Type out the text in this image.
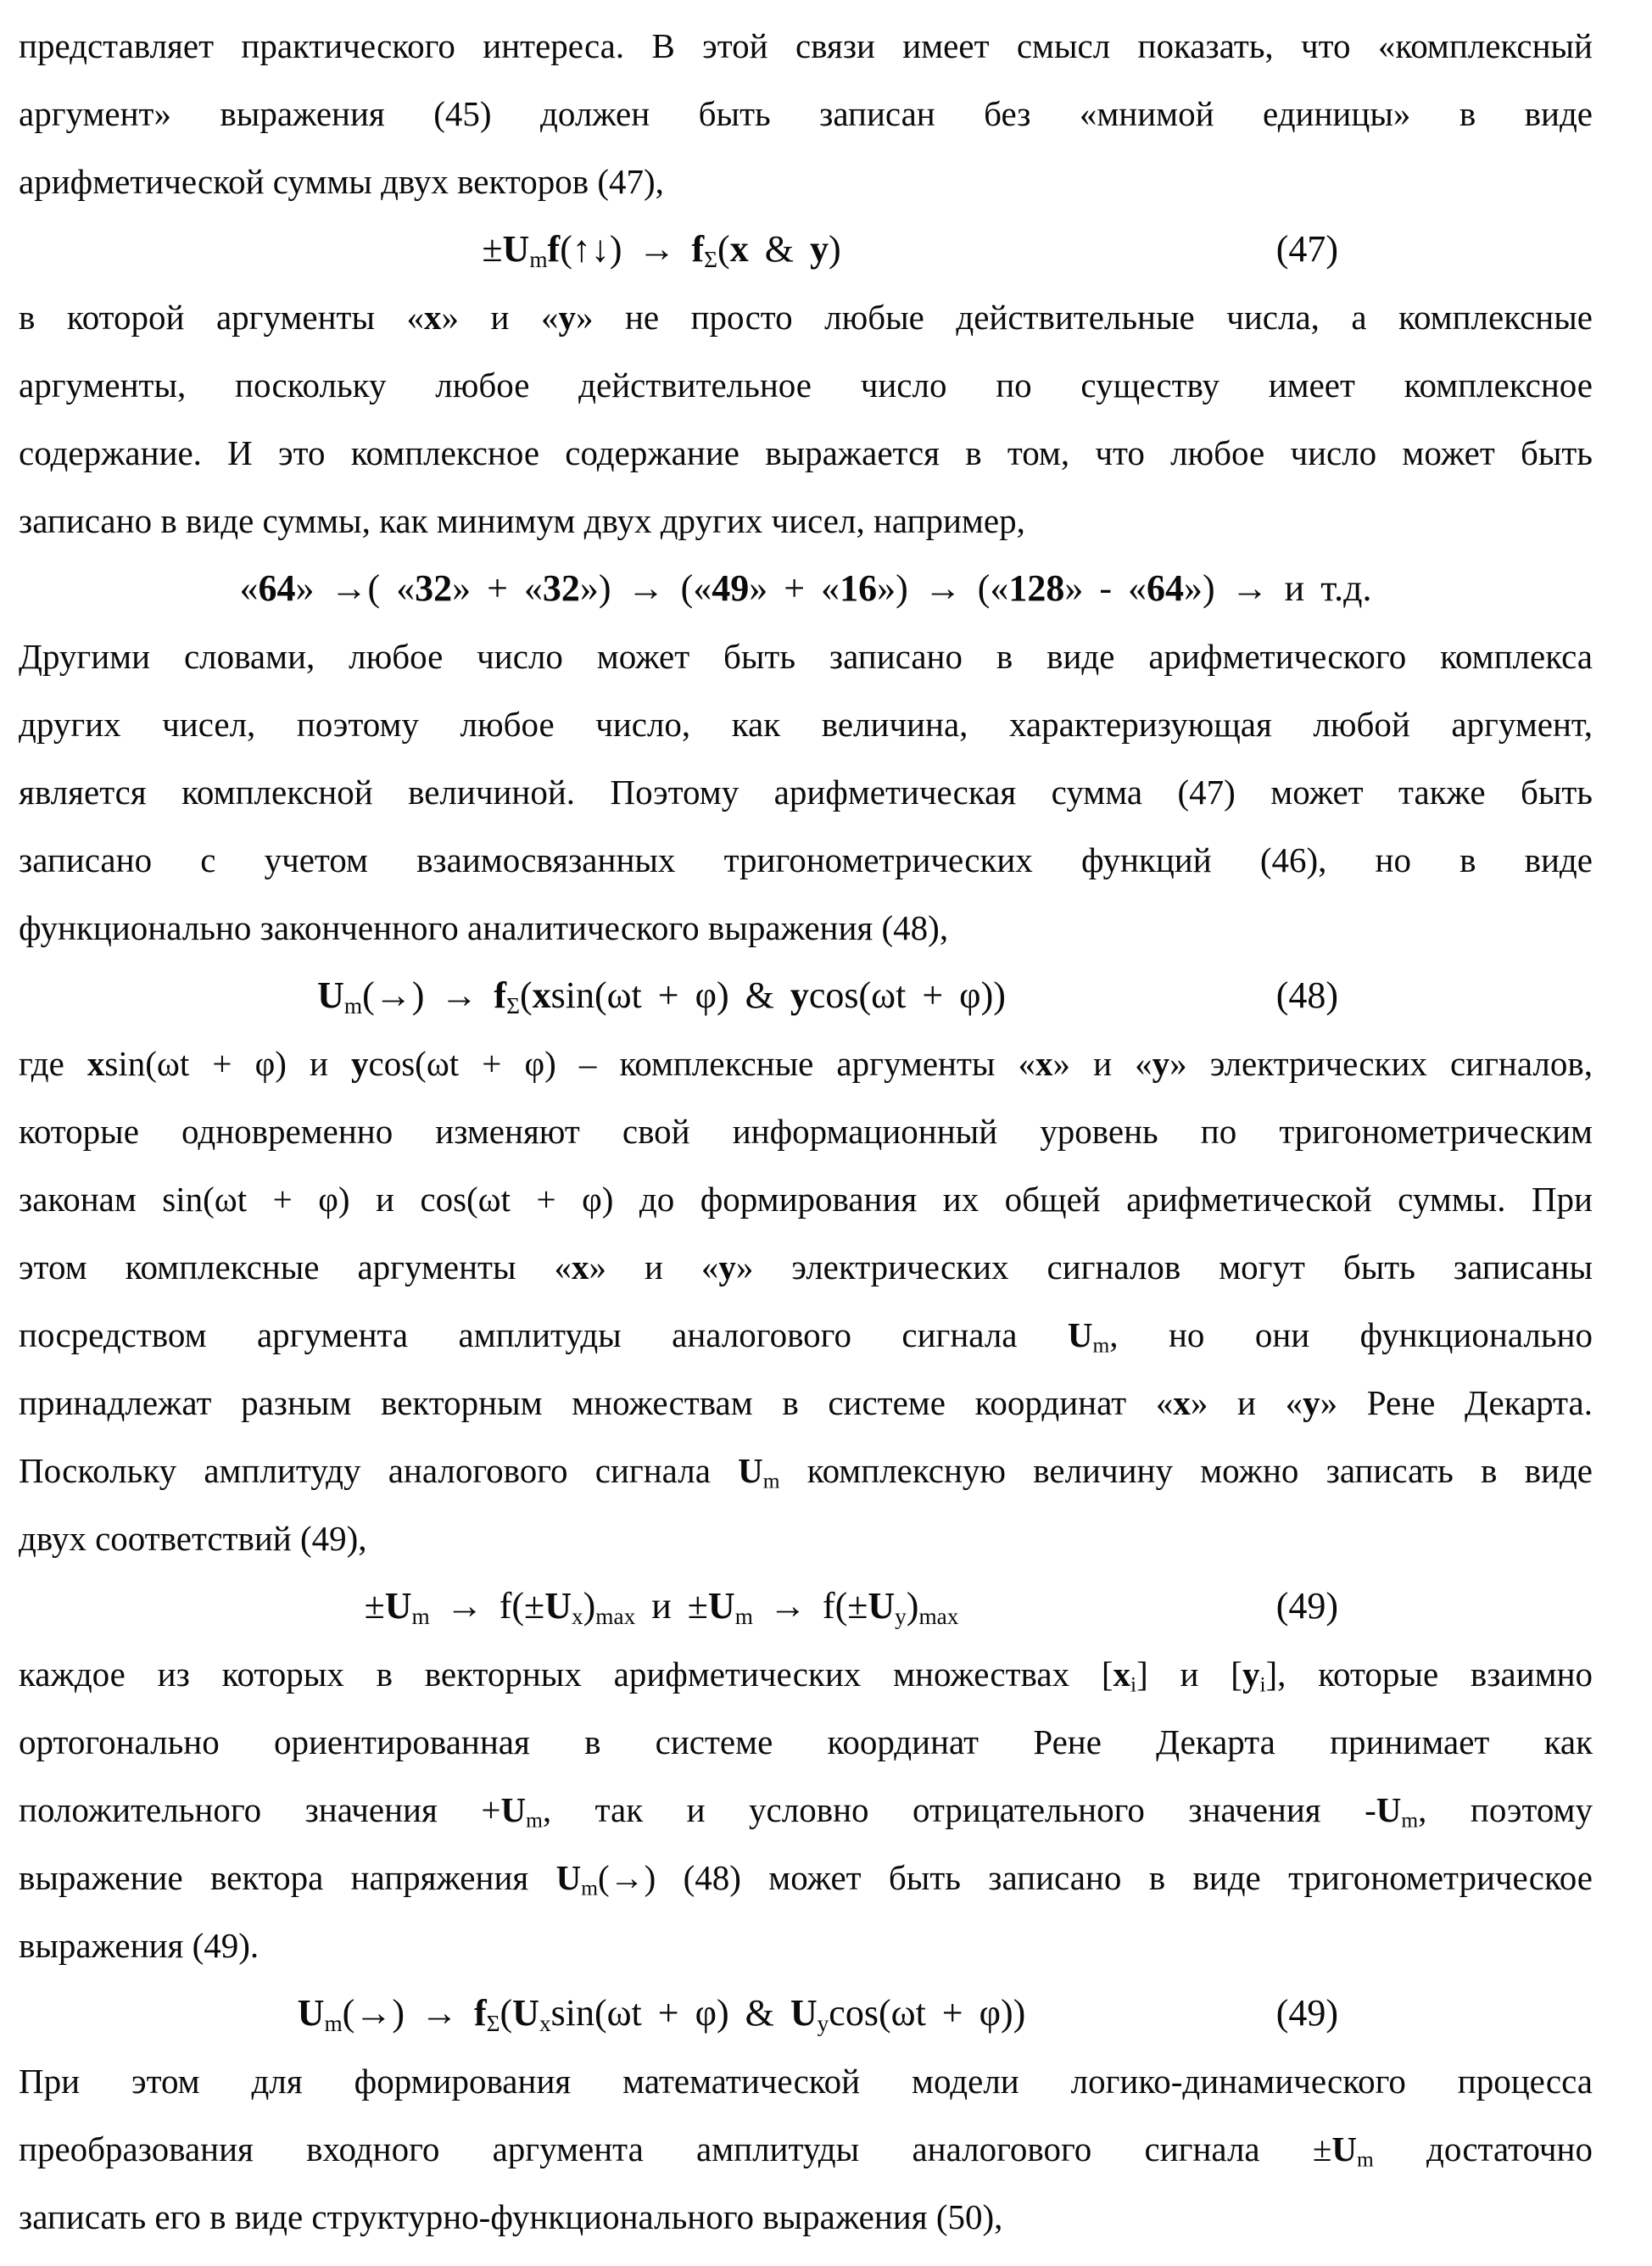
представляет практического интереса. В этой связи имеет смысл показать, что «комплексный
аргумент» выражения (45) должен быть записан без «мнимой единицы» в виде
арифметической суммы двух векторов (47),
$\pm U_mf(↑↓) \to f_\Sigma(x$ & y)	(47)
в которой аргументы «x» и «y» не просто любые действительные числа, а комплексные
аргументы, поскольку любое действительное число по существу имеет комплексное
содержание. И это комплексное содержание выражается в том, что любое число может быть
записано в виде суммы, как минимум двух других чисел, например,
«64» →( «32» + «32») → («49» + «16») → («128» - «64») → и т.д.
Другими словами, любое число может быть записано в виде арифметического комплекса
других чисел, поэтому любое число, как величина, характеризующая любой аргумент,
является комплексной величиной. Поэтому арифметическая сумма (47) может также быть
записано с учетом взаимосвязанных тригонометрических функций (46), но в виде
функционально законченного аналитического выражения (48),
$U_m(\to) \to f_\Sigma(xsin(\omega t + \varphi)$ & ycos(ωt + φ))	(48)
где xsin(ωt + φ) и ycos(ωt + φ) – комплексные аргументы «x» и «y» электрических сигналов,
которые одновременно изменяют свой информационный уровень по тригонометрическим
законам sin(ωt + φ) и cos(ωt + φ) до формирования их общей арифметической суммы. При
этом комплексные аргументы «x» и «y» электрических сигналов могут быть записаны
посредством аргумента амплитуды аналогового сигнала $U_m$, но они функционально
принадлежат разным векторным множествам в системе координат «x» и «y» Рене Декарта.
Поскольку амплитуду аналогового сигнала $U_m$ комплексную величину можно записать в виде
двух соответствий (49),
$\pm U_m \to f(\pm U_x)_{max}$ $и \pm U_m \to f(\pm U_y)_{max}$	(49)
каждое из которых в векторных арифметических множествах $[x_i]$ и $[y_i]$, которые взаимно
ортогонально ориентированная в системе координат Рене Декарта принимает как
положительного значения $+U_m$, так и условно отрицательного значения $-U_m$, поэтому
выражение вектора напряжения $U_m(\to)$ (48) может быть записано в виде тригонометрическое
выражения (49).
$U_m(\to) \to f_\Sigma(U_x\sin(\omega t + \varphi)$ & $U_y\cos(\omega t + \varphi)$)	(49)
При этом для формирования математической модели логико-динамического процесса
преобразования входного аргумента амплитуды аналогового сигнала $\pm U_m$ достаточно
записать его в виде структурно-функционального выражения (50),
